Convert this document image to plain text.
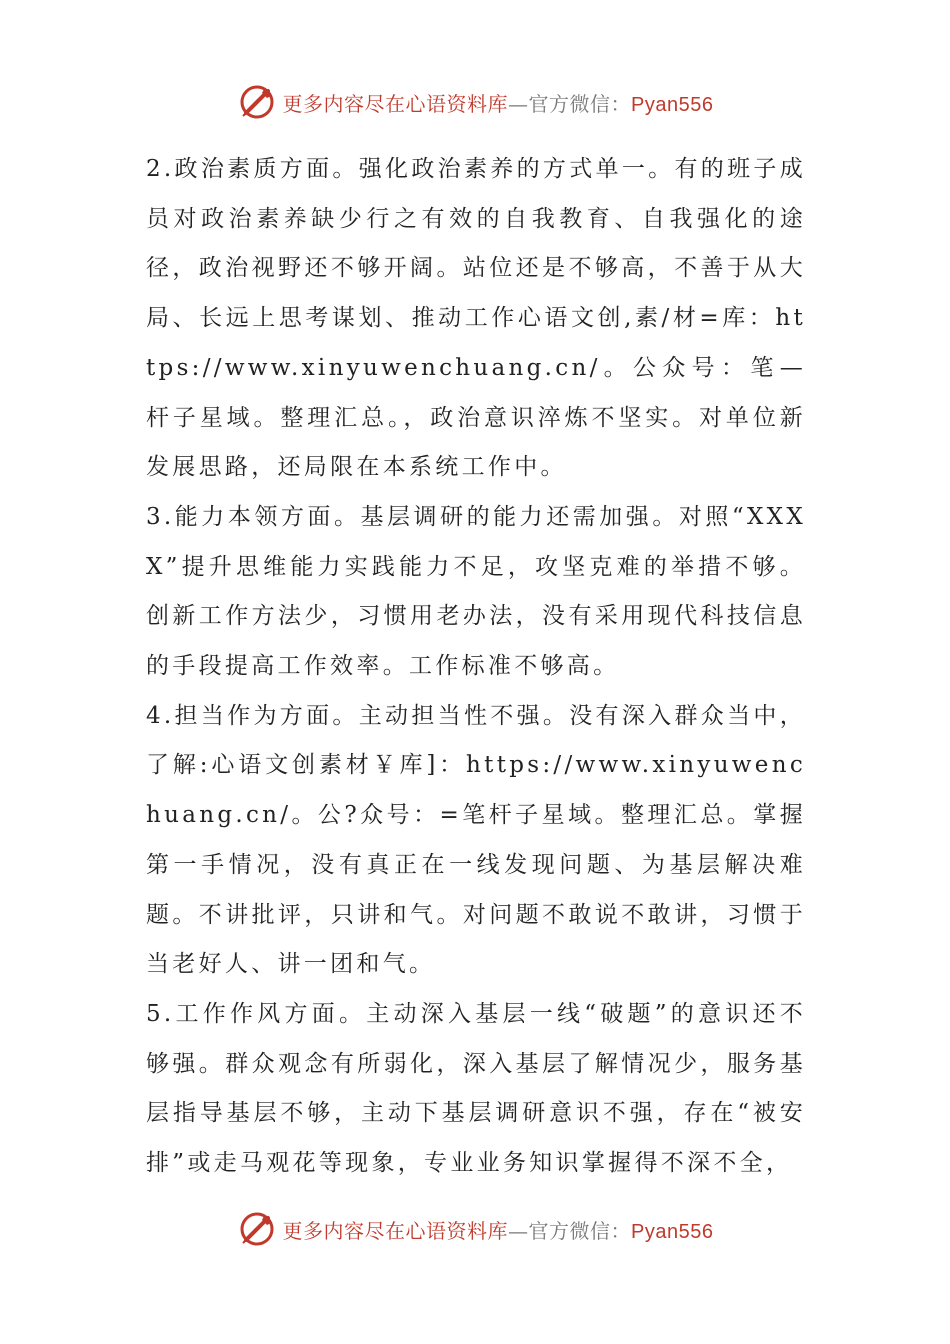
更多内容尽在心语资料库—官方微信：Pyan556

2.政治素质方面。强化政治素养的方式单一。有的班子成员对政治素养缺少行之有效的自我教育、自我强化的途径，政治视野还不够开阔。站位还是不够高，不善于从大局、长远上思考谋划、推动工作心语文创,素/材=库：https://www.xinyuwenchuang.cn/。公众号：笔—杆子星域。整理汇总。，政治意识淬炼不坚实。对单位新发展思路，还局限在本系统工作中。

3.能力本领方面。基层调研的能力还需加强。对照“XXXX”提升思维能力实践能力不足，攻坚克难的举措不够。创新工作方法少，习惯用老办法，没有采用现代科技信息的手段提高工作效率。工作标准不够高。

4.担当作为方面。主动担当性不强。没有深入群众当中，了解:心语文创素材￥库]：https://www.xinyuwenchuang.cn/。公?众号：=笔杆子星域。整理汇总。掌握第一手情况，没有真正在一线发现问题、为基层解决难题。不讲批评，只讲和气。对问题不敢说不敢讲，习惯于当老好人、讲一团和气。

5.工作作风方面。主动深入基层一线“破题”的意识还不够强。群众观念有所弱化，深入基层了解情况少，服务基层指导基层不够，主动下基层调研意识不强，存在“被安排”或走马观花等现象，专业业务知识掌握得不深不全，

更多内容尽在心语资料库—官方微信：Pyan556
